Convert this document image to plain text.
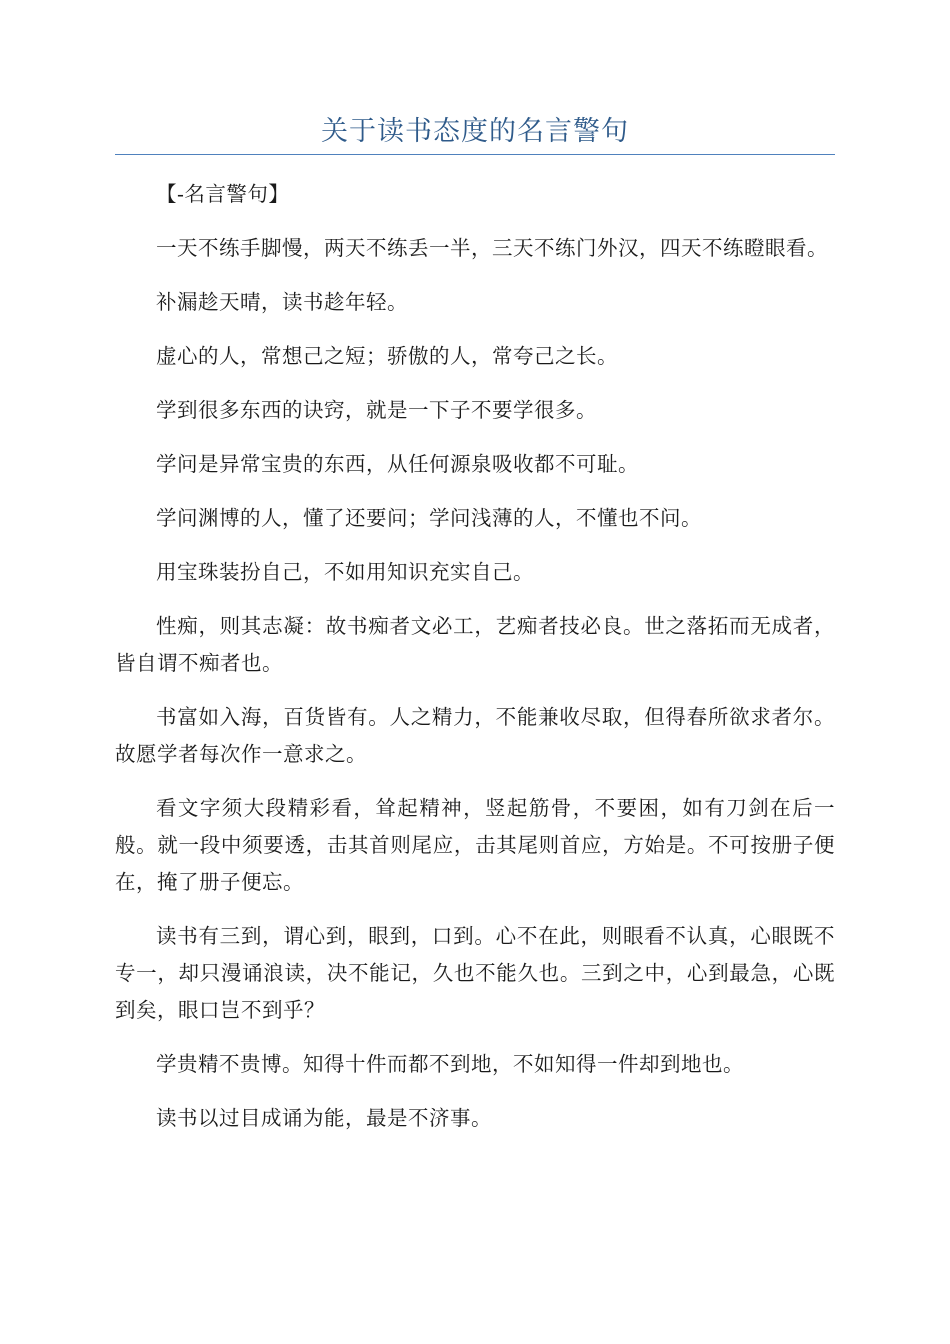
关于读书态度的名言警句

【-名言警句】

一天不练手脚慢，两天不练丢一半，三天不练门外汉，四天不练瞪眼看。

补漏趁天晴，读书趁年轻。

虚心的人，常想己之短；骄傲的人，常夸己之长。

学到很多东西的诀窍，就是一下子不要学很多。

学问是异常宝贵的东西，从任何源泉吸收都不可耻。

学问渊博的人，懂了还要问；学问浅薄的人，不懂也不问。

用宝珠装扮自己，不如用知识充实自己。

性痴，则其志凝：故书痴者文必工，艺痴者技必良。世之落拓而无成者，皆自谓不痴者也。

书富如入海，百货皆有。人之精力，不能兼收尽取，但得春所欲求者尔。故愿学者每次作一意求之。

看文字须大段精彩看，耸起精神，竖起筋骨，不要困，如有刀剑在后一般。就一段中须要透，击其首则尾应，击其尾则首应，方始是。不可按册子便在，掩了册子便忘。

读书有三到，谓心到，眼到，口到。心不在此，则眼看不认真，心眼既不专一，却只漫诵浪读，决不能记，久也不能久也。三到之中，心到最急，心既到矣，眼口岂不到乎？

学贵精不贵博。知得十件而都不到地，不如知得一件却到地也。

读书以过目成诵为能，最是不济事。
